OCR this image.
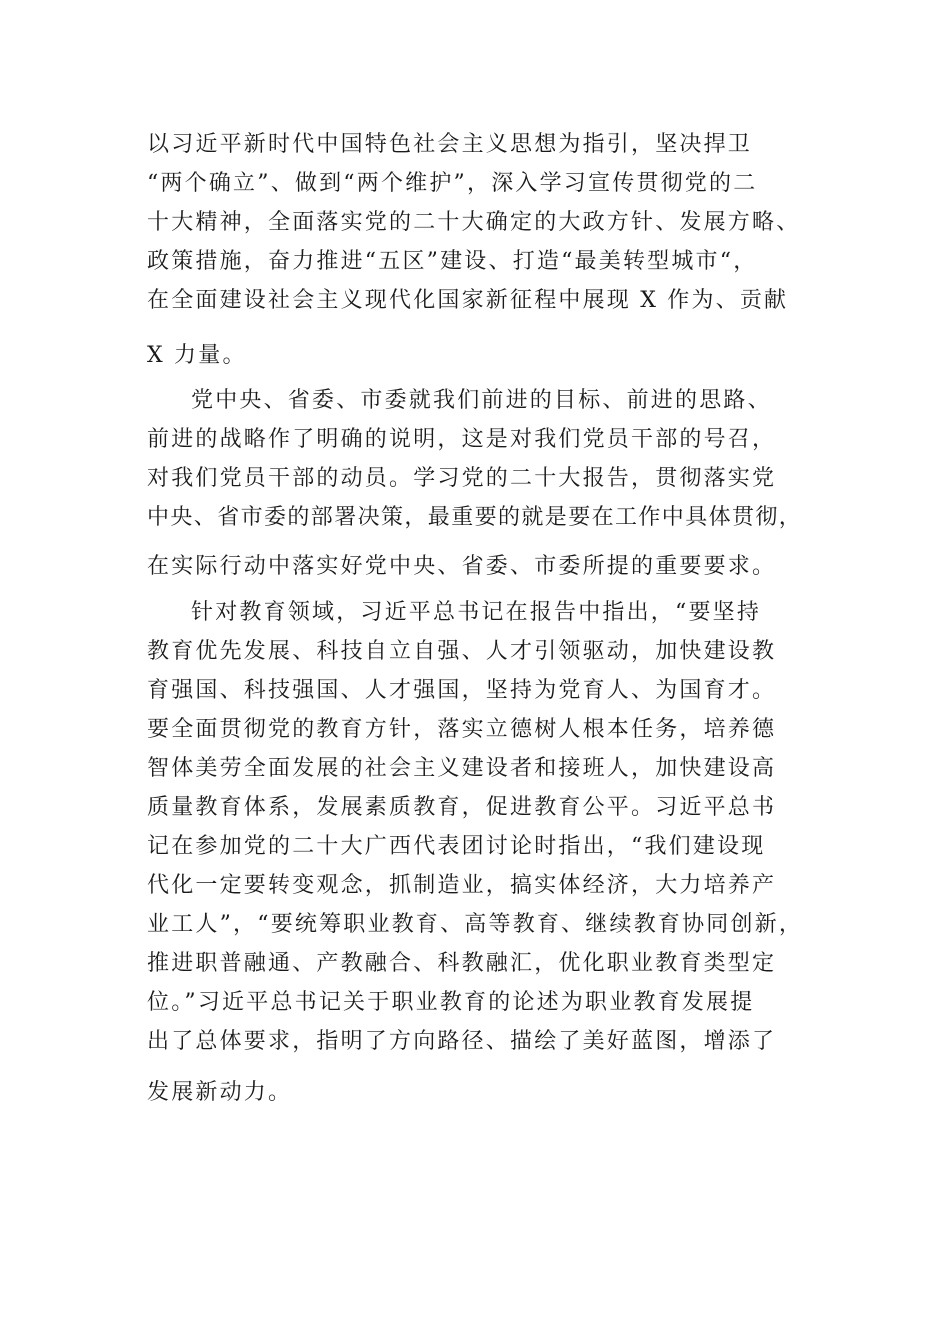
以习近平新时代中国特色社会主义思想为指引，坚决捍卫
“两个确立”、做到“两个维护”，深入学习宣传贯彻党的二
十大精神，全面落实党的二十大确定的大政方针、发展方略、
政策措施，奋力推进“五区”建设、打造“最美转型城市“，
在全面建设社会主义现代化国家新征程中展现 X 作为、贡献
X 力量。
党中央、省委、市委就我们前进的目标、前进的思路、
前进的战略作了明确的说明，这是对我们党员干部的号召，
对我们党员干部的动员。学习党的二十大报告，贯彻落实党
中央、省市委的部署决策，最重要的就是要在工作中具体贯彻，
在实际行动中落实好党中央、省委、市委所提的重要要求。
针对教育领域，习近平总书记在报告中指出，“要坚持
教育优先发展、科技自立自强、人才引领驱动，加快建设教
育强国、科技强国、人才强国，坚持为党育人、为国育才。
要全面贯彻党的教育方针，落实立德树人根本任务，培养德
智体美劳全面发展的社会主义建设者和接班人，加快建设高
质量教育体系，发展素质教育，促进教育公平。习近平总书
记在参加党的二十大广西代表团讨论时指出，“我们建设现
代化一定要转变观念，抓制造业，搞实体经济，大力培养产
业工人”，“要统筹职业教育、高等教育、继续教育协同创新，
推进职普融通、产教融合、科教融汇，优化职业教育类型定
位。”习近平总书记关于职业教育的论述为职业教育发展提
出了总体要求，指明了方向路径、描绘了美好蓝图，增添了
发展新动力。
